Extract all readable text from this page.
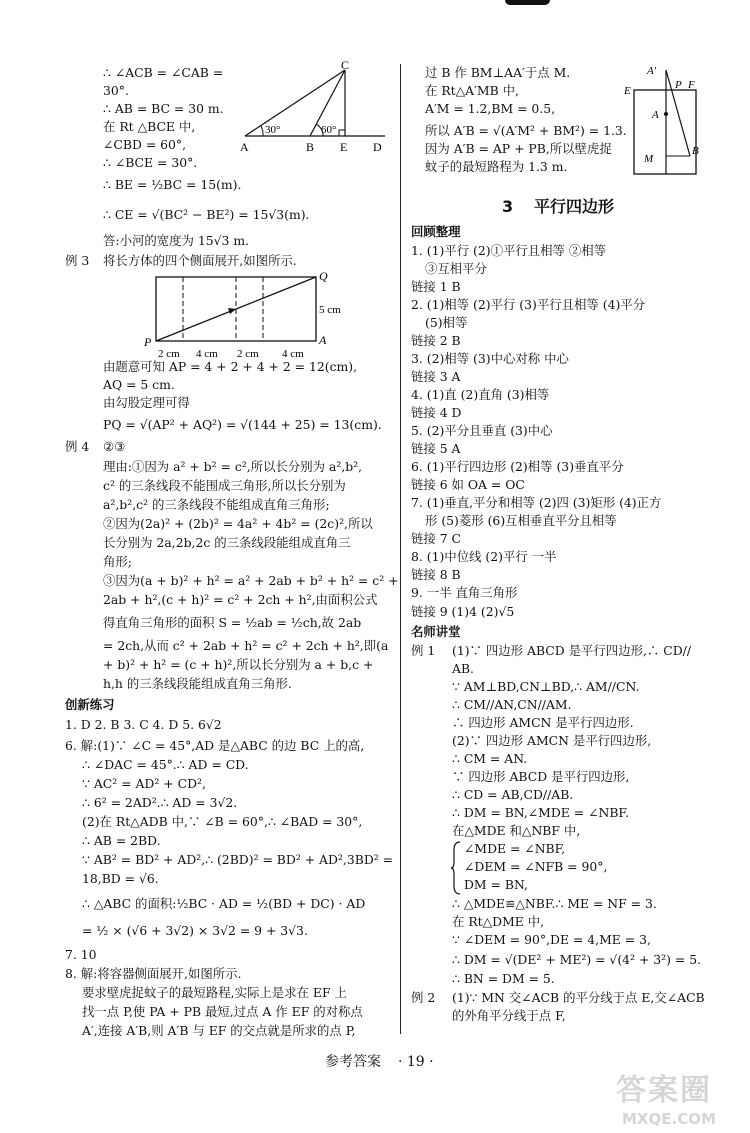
∴ ∠ACB = ∠CAB =
30°.
∴ AB = BC = 30 m.
在 Rt △BCE 中,
∠CBD = 60°,
∴ ∠BCE = 30°.
∴ BE = ½BC = 15(m).
∴ CE = √(BC² − BE²) = 15√3(m).
答:小河的宽度为 15√3 m.
C
A	B E D
30°	60°
例 3 将长方体的四个侧面展开,如图所示.
P
Q
A
5 cm
2 cm 4 cm 2 cm 4 cm
由题意可知 AP = 4 + 2 + 4 + 2 = 12(cm),
AQ = 5 cm.
由勾股定理可得
PQ = √(AP² + AQ²) = √(144 + 25) = 13(cm).
例 4 ②③
理由:①因为 a² + b² = c²,所以长分别为 a²,b²,
c² 的三条线段不能围成三角形,所以长分别为
a²,b²,c² 的三条线段不能组成直角三角形;
②因为(2a)² + (2b)² = 4a² + 4b² = (2c)²,所以
长分别为 2a,2b,2c 的三条线段能组成直角三
角形;
③因为(a + b)² + h² = a² + 2ab + b² + h² = c² +
2ab + h²,(c + h)² = c² + 2ch + h²,由面积公式
得直角三角形的面积 S = ½ab = ½ch,故 2ab
= 2ch,从而 c² + 2ab + h² = c² + 2ch + h²,即(a
+ b)² + h² = (c + h)²,所以长分别为 a + b,c +
h,h 的三条线段能组成直角三角形.
创新练习
1. D 2. B 3. C 4. D 5. 6√2
6. 解:(1)∵ ∠C = 45°,AD 是△ABC 的边 BC 上的高,
∴ ∠DAC = 45°.∴ AD = CD.
∵ AC² = AD² + CD²,
∴ 6² = 2AD².∴ AD = 3√2.
(2)在 Rt△ADB 中,∵ ∠B = 60°,∴ ∠BAD = 30°,
∴ AB = 2BD.
∵ AB² = BD² + AD²,∴ (2BD)² = BD² + AD²,3BD² =
18,BD = √6.
∴ △ABC 的面积:½BC · AD = ½(BD + DC) · AD
= ½ × (√6 + 3√2) × 3√2 = 9 + 3√3.
7. 10
8. 解:将容器侧面展开,如图所示.
要求壁虎捉蚊子的最短路程,实际上是求在 EF 上
找一点 P,使 PA + PB 最短,过点 A 作 EF 的对称点
A′,连接 A′B,则 A′B 与 EF 的交点就是所求的点 P,
过 B 作 BM⊥AA′于点 M.
在 Rt△A′MB 中,
A′M = 1.2,BM = 0.5,
所以 A′B = √(A′M² + BM²) = 1.3.
因为 A′B = AP + PB,所以壁虎捉
蚊子的最短路程为 1.3 m.
A′
P F
E
A
M
B
3 平行四边形
回顾整理
1. (1)平行 (2)①平行且相等 ②相等
③互相平分
链接 1 B
2. (1)相等 (2)平行 (3)平行且相等 (4)平分
(5)相等
链接 2 B
3. (2)相等 (3)中心对称 中心
链接 3 A
4. (1)直 (2)直角 (3)相等
链接 4 D
5. (2)平分且垂直 (3)中心
链接 5 A
6. (1)平行四边形 (2)相等 (3)垂直平分
链接 6 如 OA = OC
7. (1)垂直,平分和相等 (2)四 (3)矩形 (4)正方
形 (5)菱形 (6)互相垂直平分且相等
链接 7 C
8. (1)中位线 (2)平行 一半
链接 8 B
9. 一半 直角三角形
链接 9 (1)4 (2)√5
名师讲堂
例 1 (1)∵ 四边形 ABCD 是平行四边形,∴ CD//
AB.
∵ AM⊥BD,CN⊥BD,∴ AM//CN.
∴ CM//AN,CN//AM.
∴ 四边形 AMCN 是平行四边形.
(2)∵ 四边形 AMCN 是平行四边形,
∴ CM = AN.
∵ 四边形 ABCD 是平行四边形,
∴ CD = AB,CD//AB.
∴ DM = BN,∠MDE = ∠NBF.
在△MDE 和△NBF 中,
∠MDE = ∠NBF,
∠DEM = ∠NFB = 90°,
DM = BN,
∴ △MDE≌△NBF.∴ ME = NF = 3.
在 Rt△DME 中,
∵ ∠DEM = 90°,DE = 4,ME = 3,
∴ DM = √(DE² + ME²) = √(4² + 3²) = 5.
∴ BN = DM = 5.
例 2 (1)∵ MN 交∠ACB 的平分线于点 E,交∠ACB
的外角平分线于点 F,
参考答案 · 19 ·
答案圈
MXQE.COM
